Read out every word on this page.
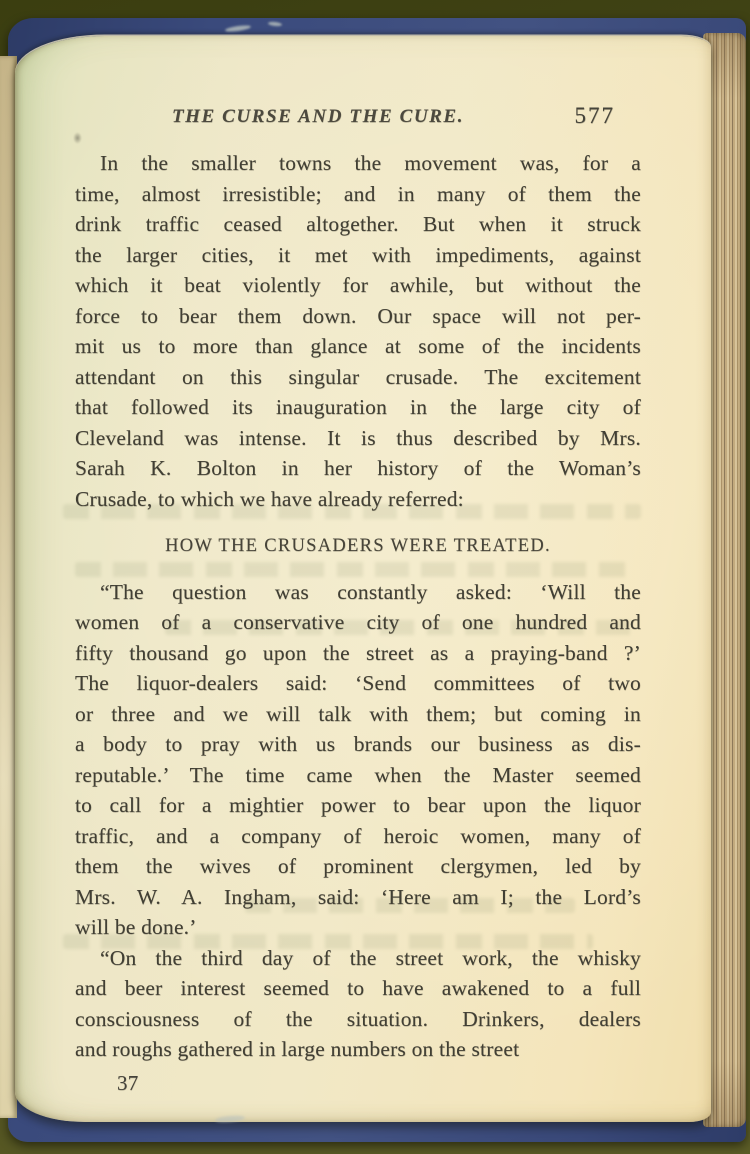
THE CURSE AND THE CURE.	577
In the smaller towns the movement was, for a
time, almost irresistible; and in many of them the
drink traffic ceased altogether. But when it struck
the larger cities, it met with impediments, against
which it beat violently for awhile, but without the
force to bear them down. Our space will not per-
mit us to more than glance at some of the incidents
attendant on this singular crusade. The excitement
that followed its inauguration in the large city of
Cleveland was intense. It is thus described by Mrs.
Sarah K. Bolton in her history of the Woman’s
Crusade, to which we have already referred:
HOW THE CRUSADERS WERE TREATED.
“The question was constantly asked: ‘Will the
women of a conservative city of one hundred and
fifty thousand go upon the street as a praying-band ?’
The liquor-dealers said: ‘Send committees of two
or three and we will talk with them; but coming in
a body to pray with us brands our business as dis-
reputable.’ The time came when the Master seemed
to call for a mightier power to bear upon the liquor
traffic, and a company of heroic women, many of
them the wives of prominent clergymen, led by
Mrs. W. A. Ingham, said: ‘Here am I; the Lord’s
will be done.’
“On the third day of the street work, the whisky
and beer interest seemed to have awakened to a full
consciousness of the situation. Drinkers, dealers
and roughs gathered in large numbers on the street
37
